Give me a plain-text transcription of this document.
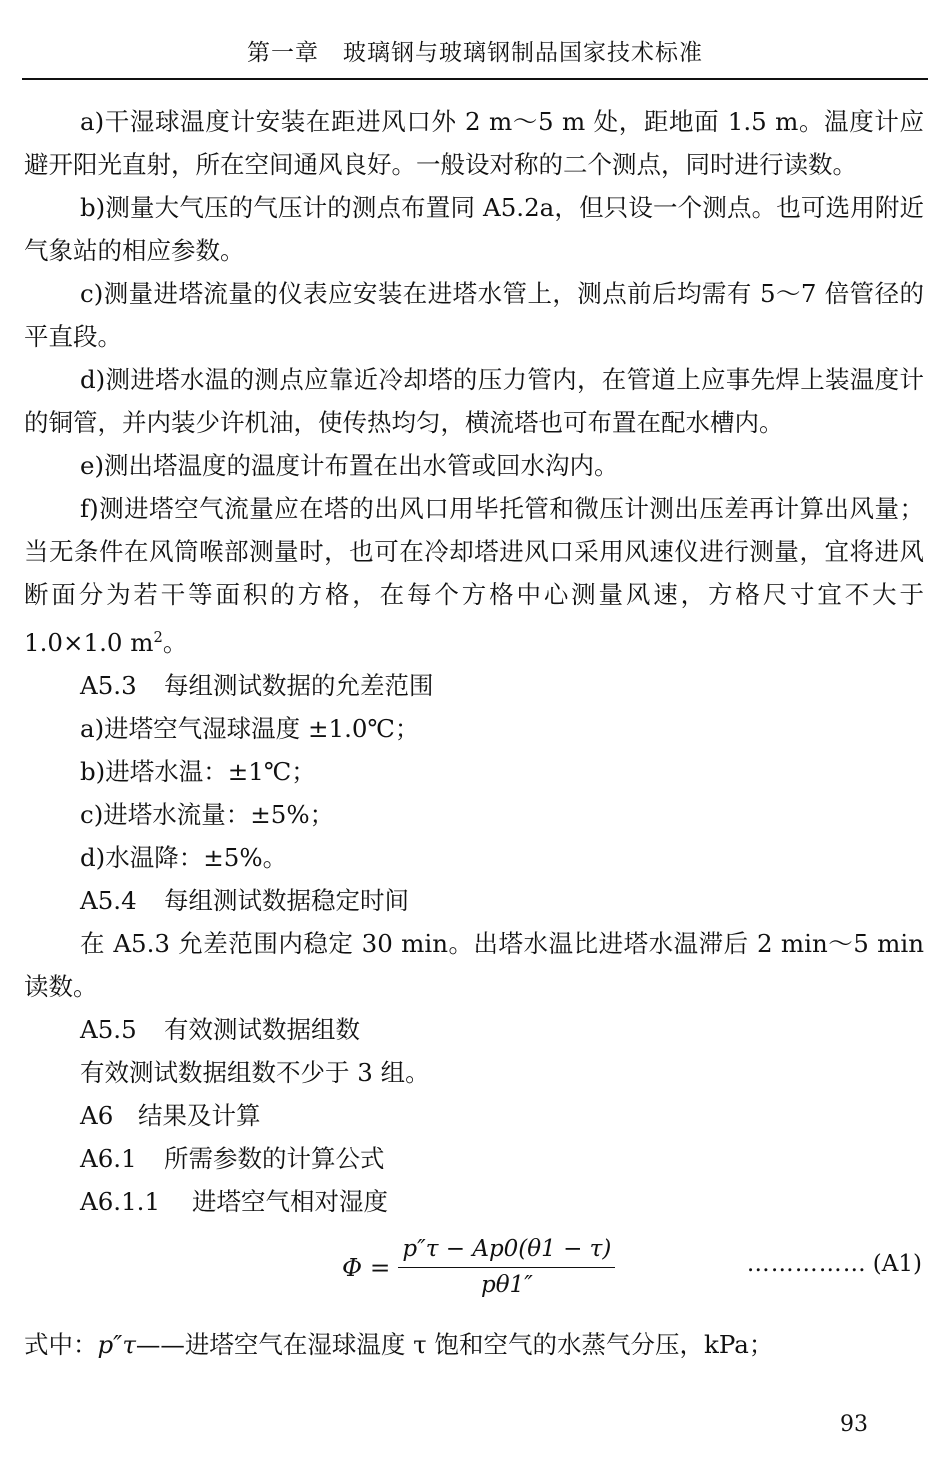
第一章　玻璃钢与玻璃钢制品国家技术标准

a)干湿球温度计安装在距进风口外 2 m～5 m 处，距地面 1.5 m。温度计应避开阳光直射，所在空间通风良好。一般设对称的二个测点，同时进行读数。

b)测量大气压的气压计的测点布置同 A5.2a，但只设一个测点。也可选用附近气象站的相应参数。

c)测量进塔流量的仪表应安装在进塔水管上，测点前后均需有 5～7 倍管径的平直段。

d)测进塔水温的测点应靠近冷却塔的压力管内，在管道上应事先焊上装温度计的铜管，并内装少许机油，使传热均匀，横流塔也可布置在配水槽内。

e)测出塔温度的温度计布置在出水管或回水沟内。

f)测进塔空气流量应在塔的出风口用毕托管和微压计测出压差再计算出风量；当无条件在风筒喉部测量时，也可在冷却塔进风口采用风速仪进行测量，宜将进风断面分为若干等面积的方格，在每个方格中心测量风速，方格尺寸宜不大于 1.0×1.0 $m^2$。

A5.3 每组测试数据的允差范围

a)进塔空气湿球温度 ±1.0℃；

b)进塔水温：±1℃；

c)进塔水流量：±5%；

d)水温降：±5%。

A5.4 每组测试数据稳定时间

在 A5.3 允差范围内稳定 30 min。出塔水温比进塔水温滞后 2 min～5 min 读数。

A5.5 有效测试数据组数

有效测试数据组数不少于 3 组。

A6 结果及计算

A6.1 所需参数的计算公式

A6.1.1 进塔空气相对湿度

$\Phi = \frac{p''\tau - Ap0(\theta 1 - \tau)}{p\theta 1''}$	…………… (A1)

式中：p″τ——进塔空气在湿球温度 τ 饱和空气的水蒸气分压，kPa；

93
